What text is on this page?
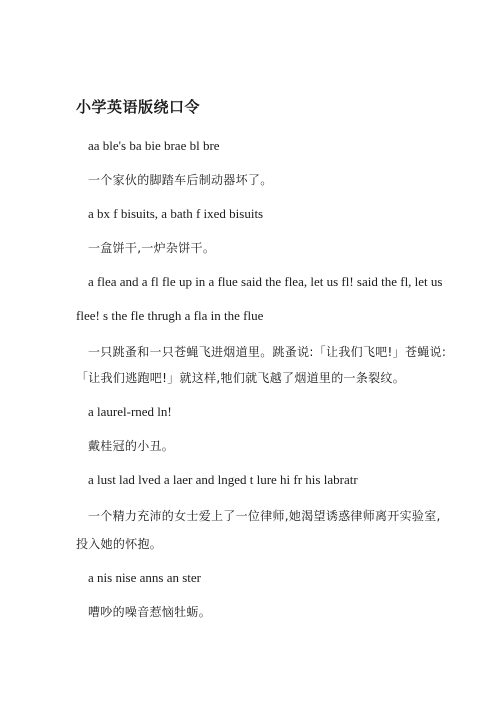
小学英语版绕口令
aa ble's ba bie brae bl bre
一个家伙的脚踏车后制动器坏了。
a bx f bisuits, a bath f ixed bisuits
一盒饼干,一炉杂饼干。
a flea and a fl fle up in a flue said the flea, let us fl! said the fl, let us
flee! s the fle thrugh a fla in the flue
一只跳蚤和一只苍蝇飞进烟道里。跳蚤说:「让我们飞吧!」苍蝇说:
「让我们逃跑吧!」就这样,牠们就飞越了烟道里的一条裂纹。
a laurel-rned ln!
戴桂冠的小丑。
a lust lad lved a laer and lnged t lure hi fr his labratr
一个精力充沛的女士爱上了一位律师,她渴望诱惑律师离开实验室,
投入她的怀抱。
a nis nise anns an ster
嘈吵的噪音惹恼牡蛎。
